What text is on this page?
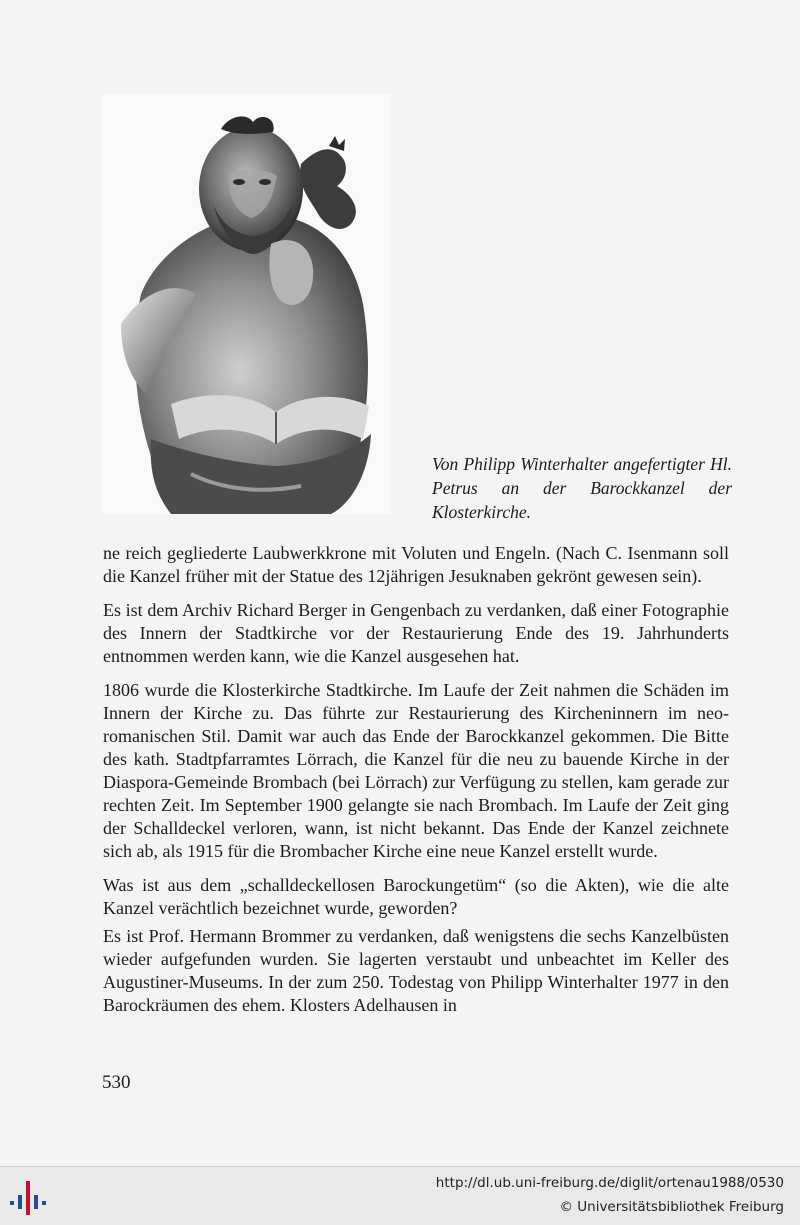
Von Philipp Winterhalter angefertigter Hl. Petrus an der Barockkanzel der Klosterkirche.

ne reich gegliederte Laubwerkkrone mit Voluten und Engeln. (Nach C. Isenmann soll die Kanzel früher mit der Statue des 12jährigen Jesuknaben gekrönt gewesen sein).

Es ist dem Archiv Richard Berger in Gengenbach zu verdanken, daß einer Fotographie des Innern der Stadtkirche vor der Restaurierung Ende des 19. Jahrhunderts entnommen werden kann, wie die Kanzel ausgesehen hat.

1806 wurde die Klosterkirche Stadtkirche. Im Laufe der Zeit nahmen die Schäden im Innern der Kirche zu. Das führte zur Restaurierung des Kircheninnern im neo-romanischen Stil. Damit war auch das Ende der Barockkanzel gekommen. Die Bitte des kath. Stadtpfarramtes Lörrach, die Kanzel für die neu zu bauende Kirche in der Diaspora-Gemeinde Brombach (bei Lörrach) zur Verfügung zu stellen, kam gerade zur rechten Zeit. Im September 1900 gelangte sie nach Brombach. Im Laufe der Zeit ging der Schalldeckel verloren, wann, ist nicht bekannt. Das Ende der Kanzel zeichnete sich ab, als 1915 für die Brombacher Kirche eine neue Kanzel erstellt wurde.

Was ist aus dem „schalldeckellosen Barockungetüm“ (so die Akten), wie die alte Kanzel verächtlich bezeichnet wurde, geworden?

Es ist Prof. Hermann Brommer zu verdanken, daß wenigstens die sechs Kanzelbüsten wieder aufgefunden wurden. Sie lagerten verstaubt und unbeachtet im Keller des Augustiner-Museums. In der zum 250. Todestag von Philipp Winterhalter 1977 in den Barockräumen des ehem. Klosters Adelhausen in

530
http://dl.ub.uni-freiburg.de/diglit/ortenau1988/0530
© Universitätsbibliothek Freiburg
